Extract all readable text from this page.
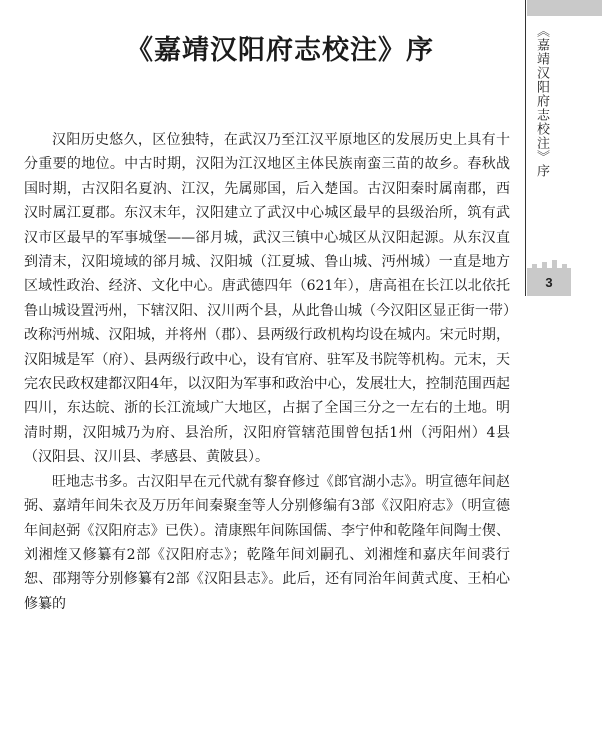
《嘉靖汉阳府志校注》序

汉阳历史悠久，区位独特，在武汉乃至江汉平原地区的发展历史上具有十分重要的地位。中古时期，汉阳为江汉地区主体民族南蛮三苗的故乡。春秋战国时期，古汉阳名夏汭、江汉，先属郧国，后入楚国。古汉阳秦时属南郡，西汉时属江夏郡。东汉末年，汉阳建立了武汉中心城区最早的县级治所，筑有武汉市区最早的军事城堡——郤月城，武汉三镇中心城区从汉阳起源。从东汉直到清末，汉阳境域的郤月城、汉阳城（江夏城、鲁山城、沔州城）一直是地方区域性政治、经济、文化中心。唐武德四年（621年），唐高祖在长江以北依托鲁山城设置沔州，下辖汉阳、汉川两个县，从此鲁山城（今汉阳区显正街一带）改称沔州城、汉阳城，并将州（郡）、县两级行政机构均设在城内。宋元时期，汉阳城是军（府）、县两级行政中心，设有官府、驻军及书院等机构。元末，天完农民政权建都汉阳4年，以汉阳为军事和政治中心，发展壮大，控制范围西起四川，东达皖、浙的长江流域广大地区，占据了全国三分之一左右的土地。明清时期，汉阳城乃为府、县治所，汉阳府管辖范围曾包括1州（沔阳州）4县（汉阳县、汉川县、孝感县、黄陂县）。

旺地志书多。古汉阳早在元代就有黎眘修过《郎官湖小志》。明宣德年间赵弼、嘉靖年间朱衣及万历年间秦聚奎等人分别修编有3部《汉阳府志》（明宣德年间赵弼《汉阳府志》已佚）。清康熙年间陈国儒、李宁仲和乾隆年间陶士偰、刘湘煃又修纂有2部《汉阳府志》；乾隆年间刘嗣孔、刘湘煃和嘉庆年间裘行恕、邵翔等分别修纂有2部《汉阳县志》。此后，还有同治年间黄式度、王柏心修纂的

《嘉靖汉阳府志校注》序
3
